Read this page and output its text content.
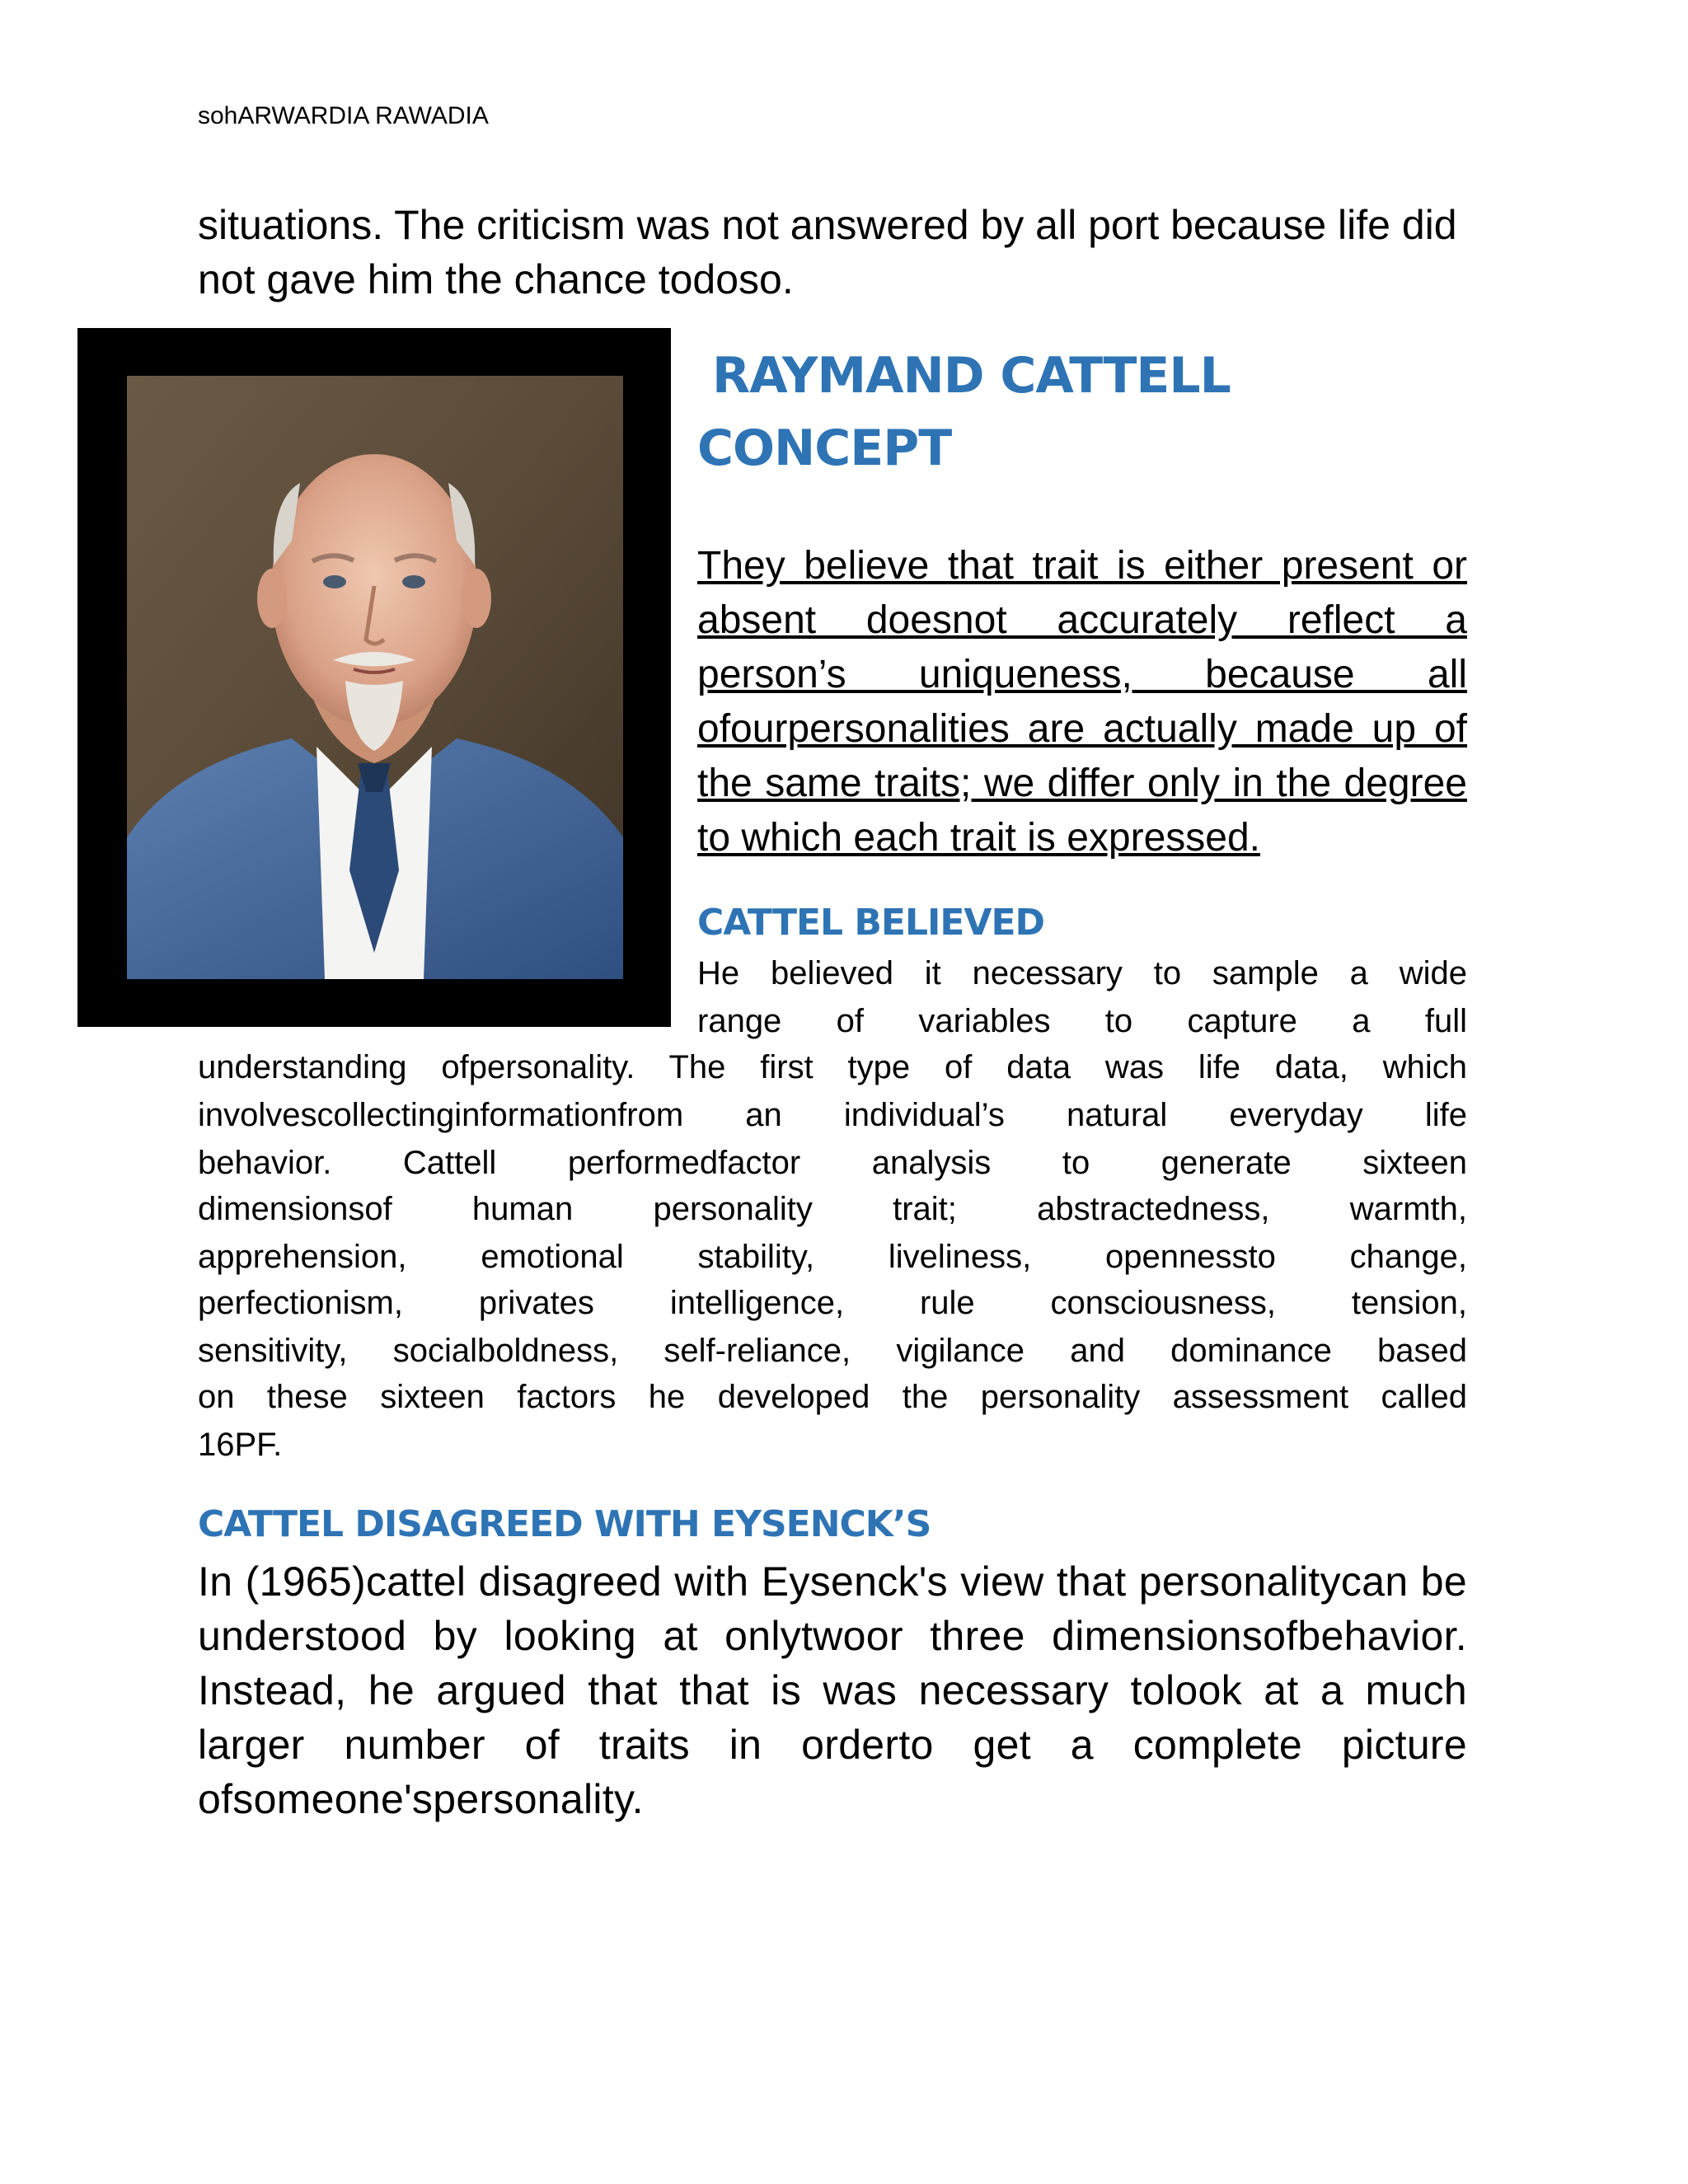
sohARWARDIA RAWADIA

situations. The criticism was not answered by all port because life did not gave him the chance todoso.

RAYMAND CATTELL
CONCEPT

They believe that trait is either present or absent doesnot accurately reflect a person’s uniqueness, because all ofourpersonalities are actually made up of the same traits; we differ only in the degree to which each trait is expressed.

CATTEL BELIEVED
He believed it necessary to sample a wide
range of variables to capture a full
understanding ofpersonality. The first type of data was life data, which
involvescollectinginformationfrom an individual’s natural everyday life
behavior. Cattell performedfactor analysis to generate sixteen
dimensionsof human personality trait; abstractedness, warmth,
apprehension, emotional stability, liveliness, opennessto change,
perfectionism, privates intelligence, rule consciousness, tension,
sensitivity, socialboldness, self-reliance, vigilance and dominance based
on these sixteen factors he developed the personality assessment called
16PF.
CATTEL DISAGREED WITH EYSENCK’S

In (1965)cattel disagreed with Eysenck's view that personalitycan be understood by looking at onlytwoor three dimensionsofbehavior. Instead, he argued that that is was necessary tolook at a much larger number of traits in orderto get a complete picture ofsomeone'spersonality.
